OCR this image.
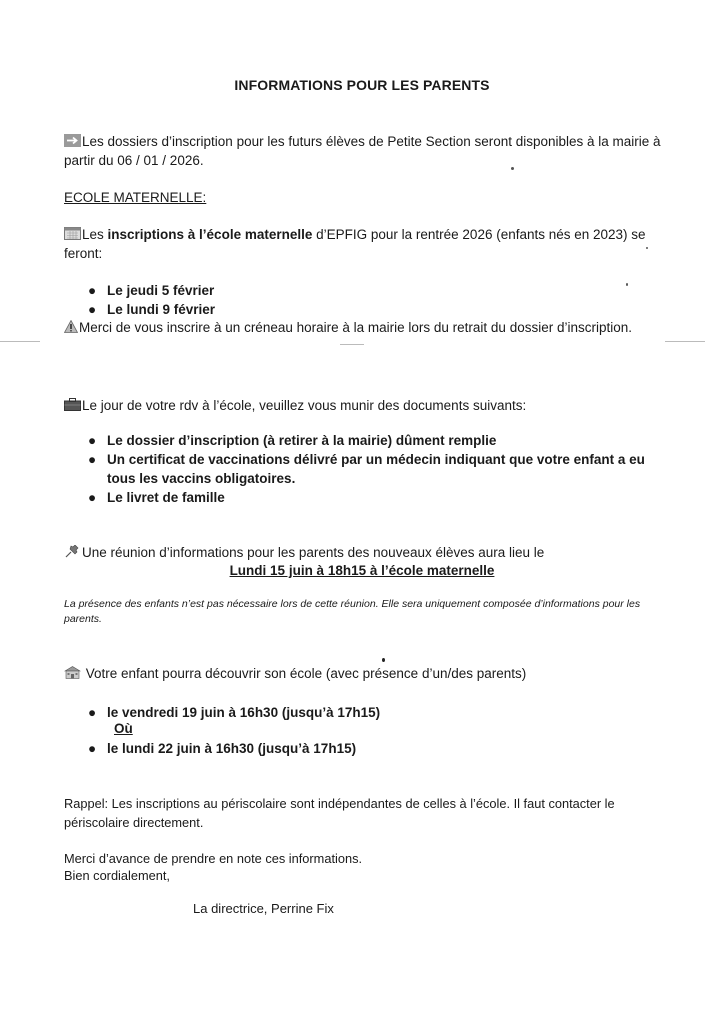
INFORMATIONS POUR LES PARENTS
Les dossiers d’inscription pour les futurs élèves de Petite Section seront disponibles à la mairie à partir du 06 / 01 / 2026.
ECOLE MATERNELLE:
Les inscriptions à l’école maternelle d’EPFIG pour la rentrée 2026 (enfants nés en 2023) se feront:
● Le jeudi 5 février
● Le lundi 9 février
Merci de vous inscrire à un créneau horaire à la mairie lors du retrait du dossier d’inscription.
Le jour de votre rdv à l’école, veuillez vous munir des documents suivants:
● Le dossier d’inscription (à retirer à la mairie) dûment remplie
● Un certificat de vaccinations délivré par un médecin indiquant que votre enfant a eu tous les vaccins obligatoires.
● Le livret de famille
Une réunion d’informations pour les parents des nouveaux élèves aura lieu le
Lundi 15 juin à 18h15 à l’école maternelle
La présence des enfants n’est pas nécessaire lors de cette réunion. Elle sera uniquement composée d’informations pour les parents.
Votre enfant pourra découvrir son école (avec présence d’un/des parents)
● le vendredi 19 juin à 16h30 (jusqu’à 17h15)
Où
● le lundi 22 juin à 16h30 (jusqu’à 17h15)
Rappel: Les inscriptions au périscolaire sont indépendantes de celles à l’école. Il faut contacter le périscolaire directement.
Merci d’avance de prendre en note ces informations.
Bien cordialement,
La directrice, Perrine Fix
